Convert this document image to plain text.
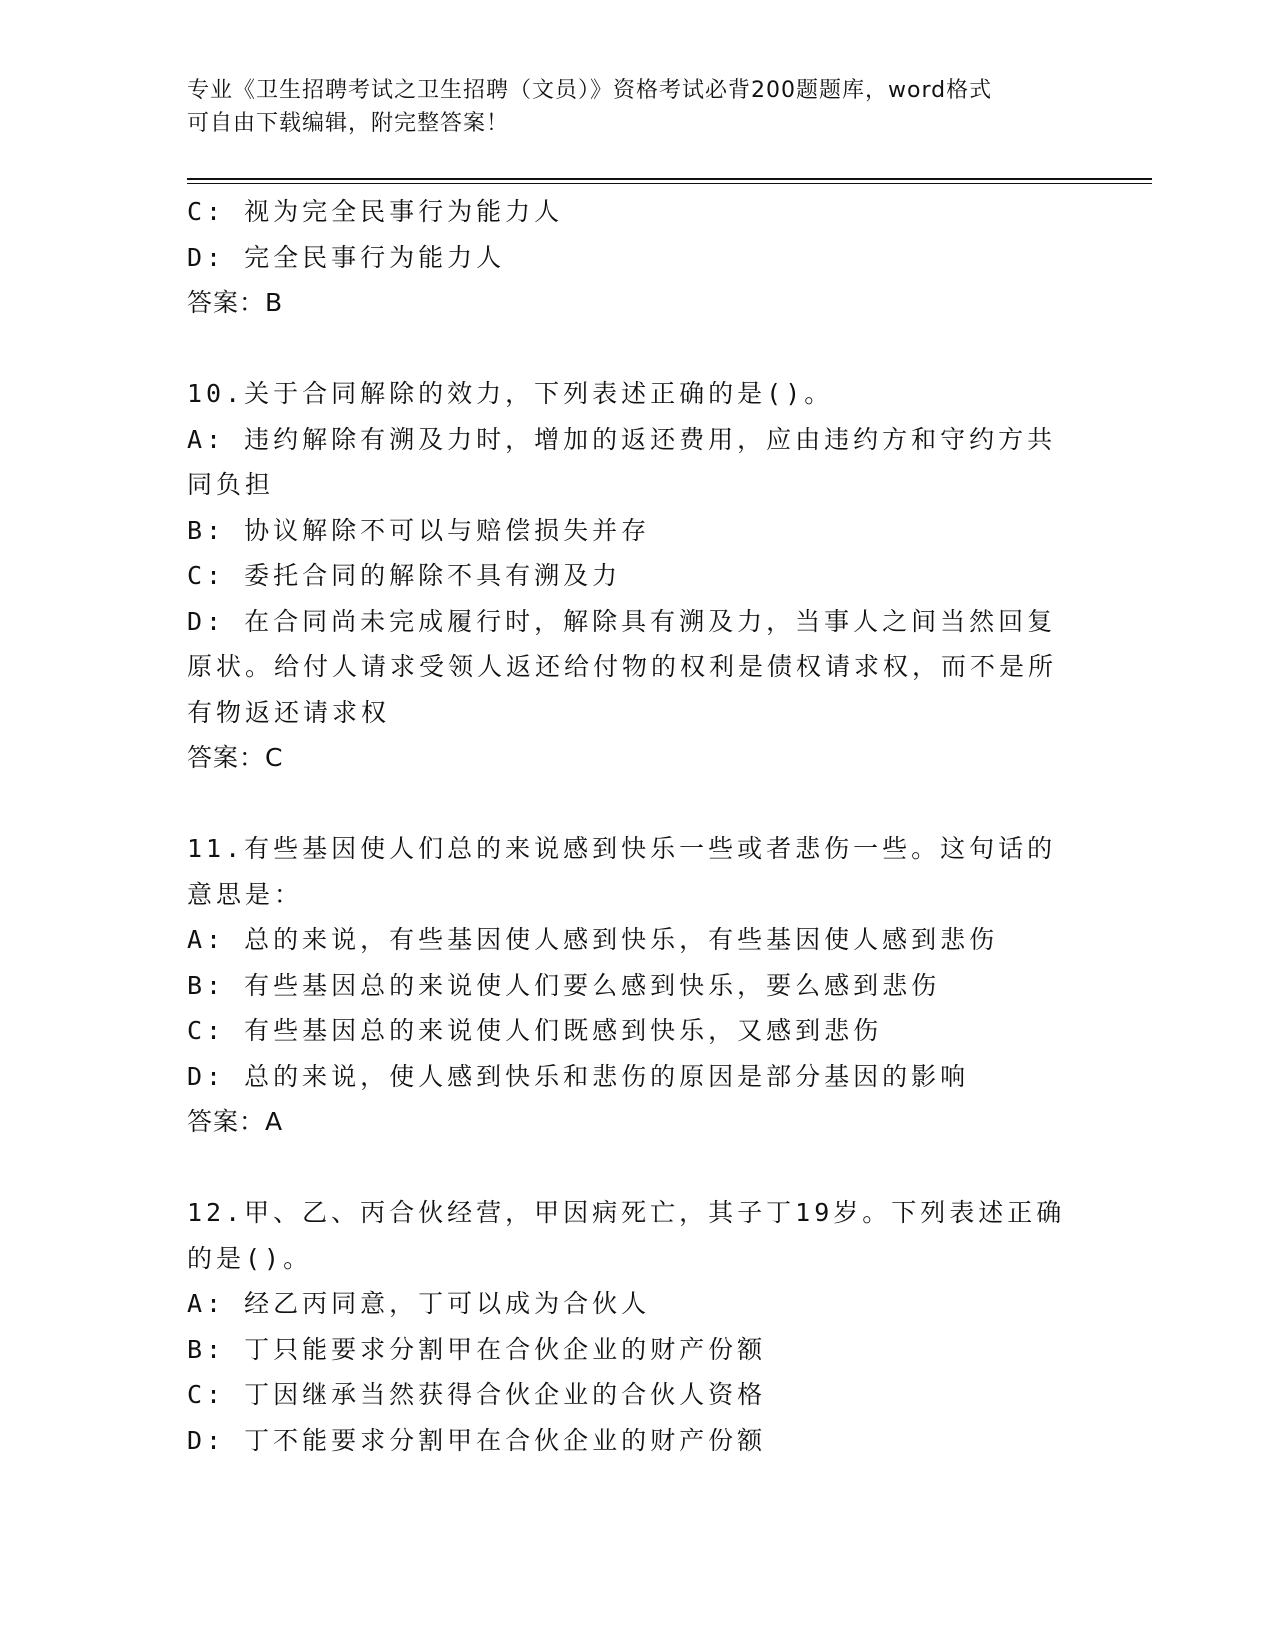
专业《卫生招聘考试之卫生招聘（文员）》资格考试必背200题题库，word格式
可自由下载编辑，附完整答案！

C: 视为完全民事行为能力人

D: 完全民事行为能力人

答案：B

10.关于合同解除的效力，下列表述正确的是()。

A: 违约解除有溯及力时，增加的返还费用，应由违约方和守约方共同负担

B: 协议解除不可以与赔偿损失并存

C: 委托合同的解除不具有溯及力

D: 在合同尚未完成履行时，解除具有溯及力，当事人之间当然回复原状。给付人请求受领人返还给付物的权利是债权请求权，而不是所有物返还请求权

答案：C

11.有些基因使人们总的来说感到快乐一些或者悲伤一些。这句话的意思是：

A: 总的来说，有些基因使人感到快乐，有些基因使人感到悲伤

B: 有些基因总的来说使人们要么感到快乐，要么感到悲伤

C: 有些基因总的来说使人们既感到快乐，又感到悲伤

D: 总的来说，使人感到快乐和悲伤的原因是部分基因的影响

答案：A

12.甲、乙、丙合伙经营，甲因病死亡，其子丁19岁。下列表述正确的是()。

A: 经乙丙同意，丁可以成为合伙人

B: 丁只能要求分割甲在合伙企业的财产份额

C: 丁因继承当然获得合伙企业的合伙人资格

D: 丁不能要求分割甲在合伙企业的财产份额
